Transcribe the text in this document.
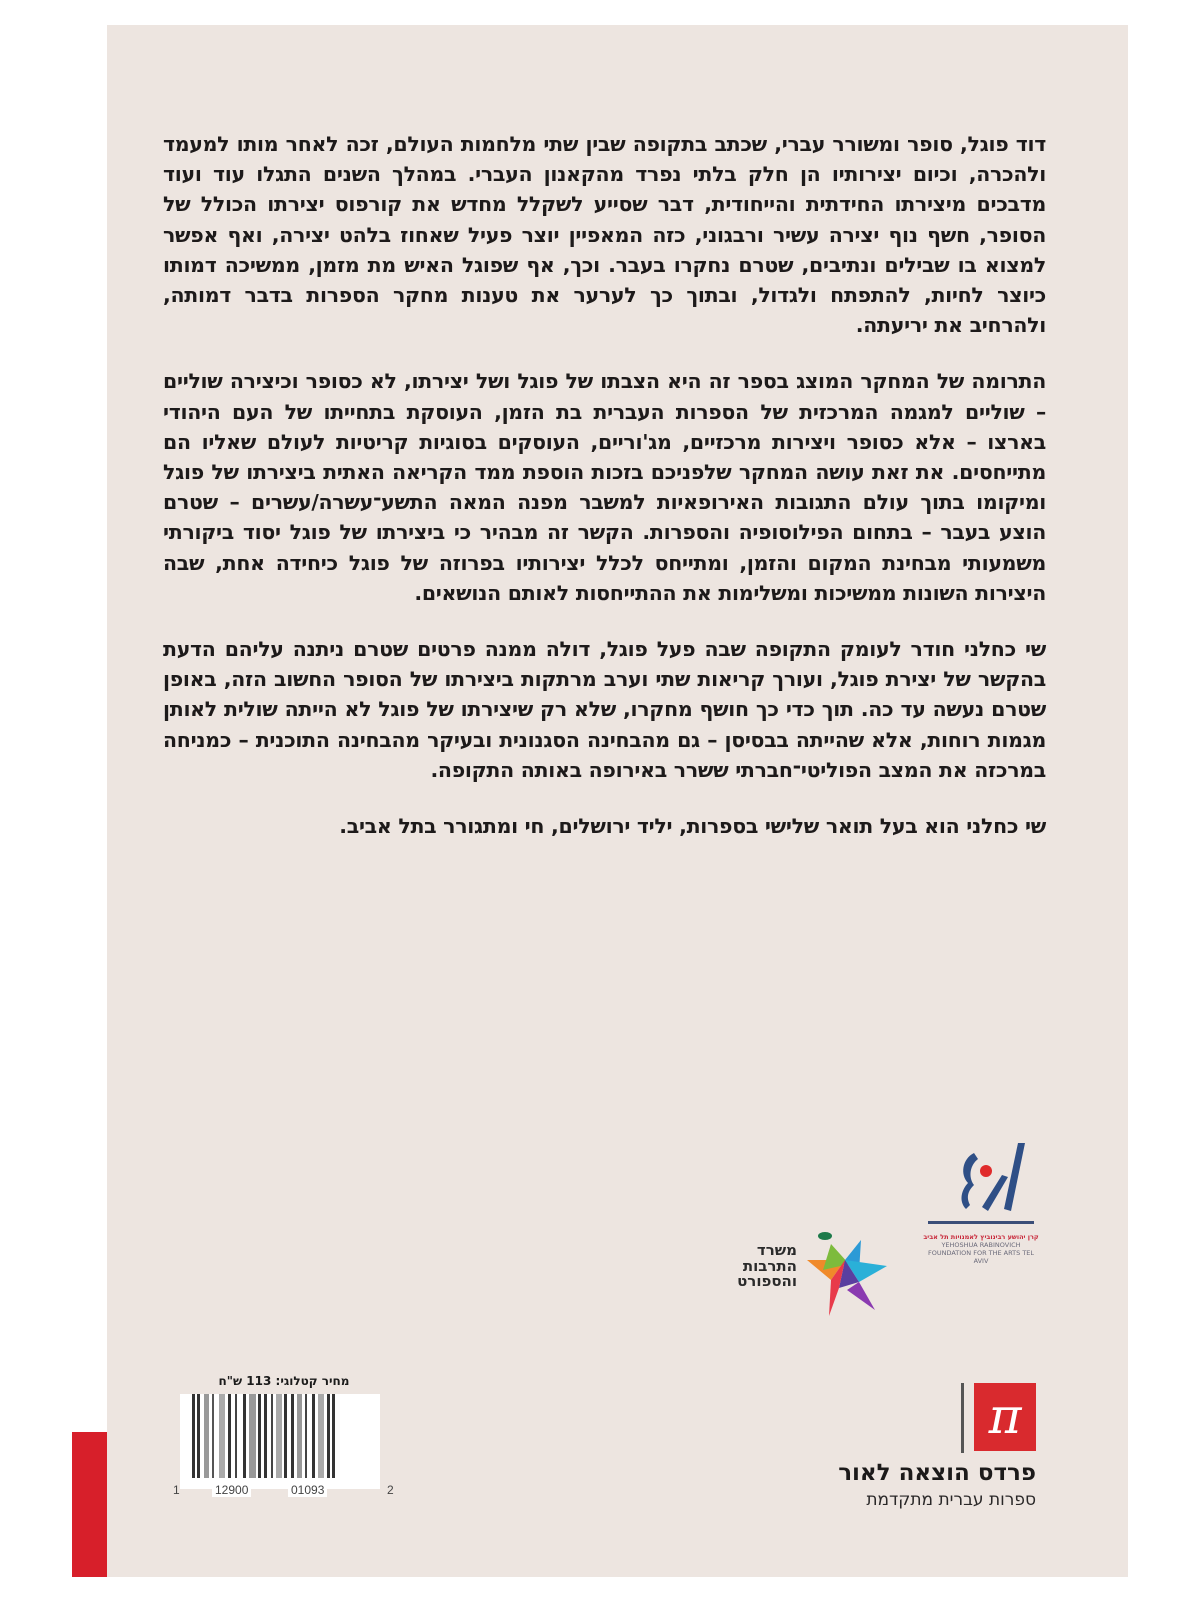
דוד פוגל, סופר ומשורר עברי, שכתב בתקופה שבין שתי מלחמות העולם, זכה לאחר מותו למעמד ולהכרה, וכיום יצירותיו הן חלק בלתי נפרד מהקאנון העברי. במהלך השנים התגלו עוד ועוד מדבכים מיצירתו החידתית והייחודית, דבר שסייע לשקלל מחדש את קורפוס יצירתו הכולל של הסופר, חשף נוף יצירה עשיר ורבגוני, כזה המאפיין יוצר פעיל שאחוז בלהט יצירה, ואף אפשר למצוא בו שבילים ונתיבים, שטרם נחקרו בעבר. וכך, אף שפוגל האיש מת מזמן, ממשיכה דמותו כיוצר לחיות, להתפתח ולגדול, ובתוך כך לערער את טענות מחקר הספרות בדבר דמותה, ולהרחיב את יריעתה.

התרומה של המחקר המוצג בספר זה היא הצבתו של פוגל ושל יצירתו, לא כסופר וכיצירה שוליים – שוליים למגמה המרכזית של הספרות העברית בת הזמן, העוסקת בתחייתו של העם היהודי בארצו – אלא כסופר ויצירות מרכזיים, מג'וריים, העוסקים בסוגיות קריטיות לעולם שאליו הם מתייחסים. את זאת עושה המחקר שלפניכם בזכות הוספת ממד הקריאה האתית ביצירתו של פוגל ומיקומו בתוך עולם התגובות האירופאיות למשבר מפנה המאה התשע־עשרה/עשרים – שטרם הוצע בעבר – בתחום הפילוסופיה והספרות. הקשר זה מבהיר כי ביצירתו של פוגל יסוד ביקורתי משמעותי מבחינת המקום והזמן, ומתייחס לכלל יצירותיו בפרוזה של פוגל כיחידה אחת, שבה היצירות השונות ממשיכות ומשלימות את ההתייחסות לאותם הנושאים.

שי כחלני חודר לעומק התקופה שבה פעל פוגל, דולה ממנה פרטים שטרם ניתנה עליהם הדעת בהקשר של יצירת פוגל, ועורך קריאות שתי וערב מרתקות ביצירתו של הסופר החשוב הזה, באופן שטרם נעשה עד כה. תוך כדי כך חושף מחקרו, שלא רק שיצירתו של פוגל לא הייתה שולית לאותן מגמות רוחות, אלא שהייתה בבסיסן – גם מהבחינה הסגנונית ובעיקר מהבחינה התוכנית – כמניחה במרכזה את המצב הפוליטי־חברתי ששרר באירופה באותה התקופה.

שי כחלני הוא בעל תואר שלישי בספרות, יליד ירושלים, חי ומתגורר בתל אביב.

קרן יהושע רבינוביץ לאמנויות תל אביב
YEHOSHUA RABINOVICH FOUNDATION FOR THE ARTS TEL AVIV
משרד
התרבות
והספורט
π
פרדס הוצאה לאור
ספרות עברית מתקדמת
מחיר קטלוגי: 113 ש"ח
1	12900	01093	2
